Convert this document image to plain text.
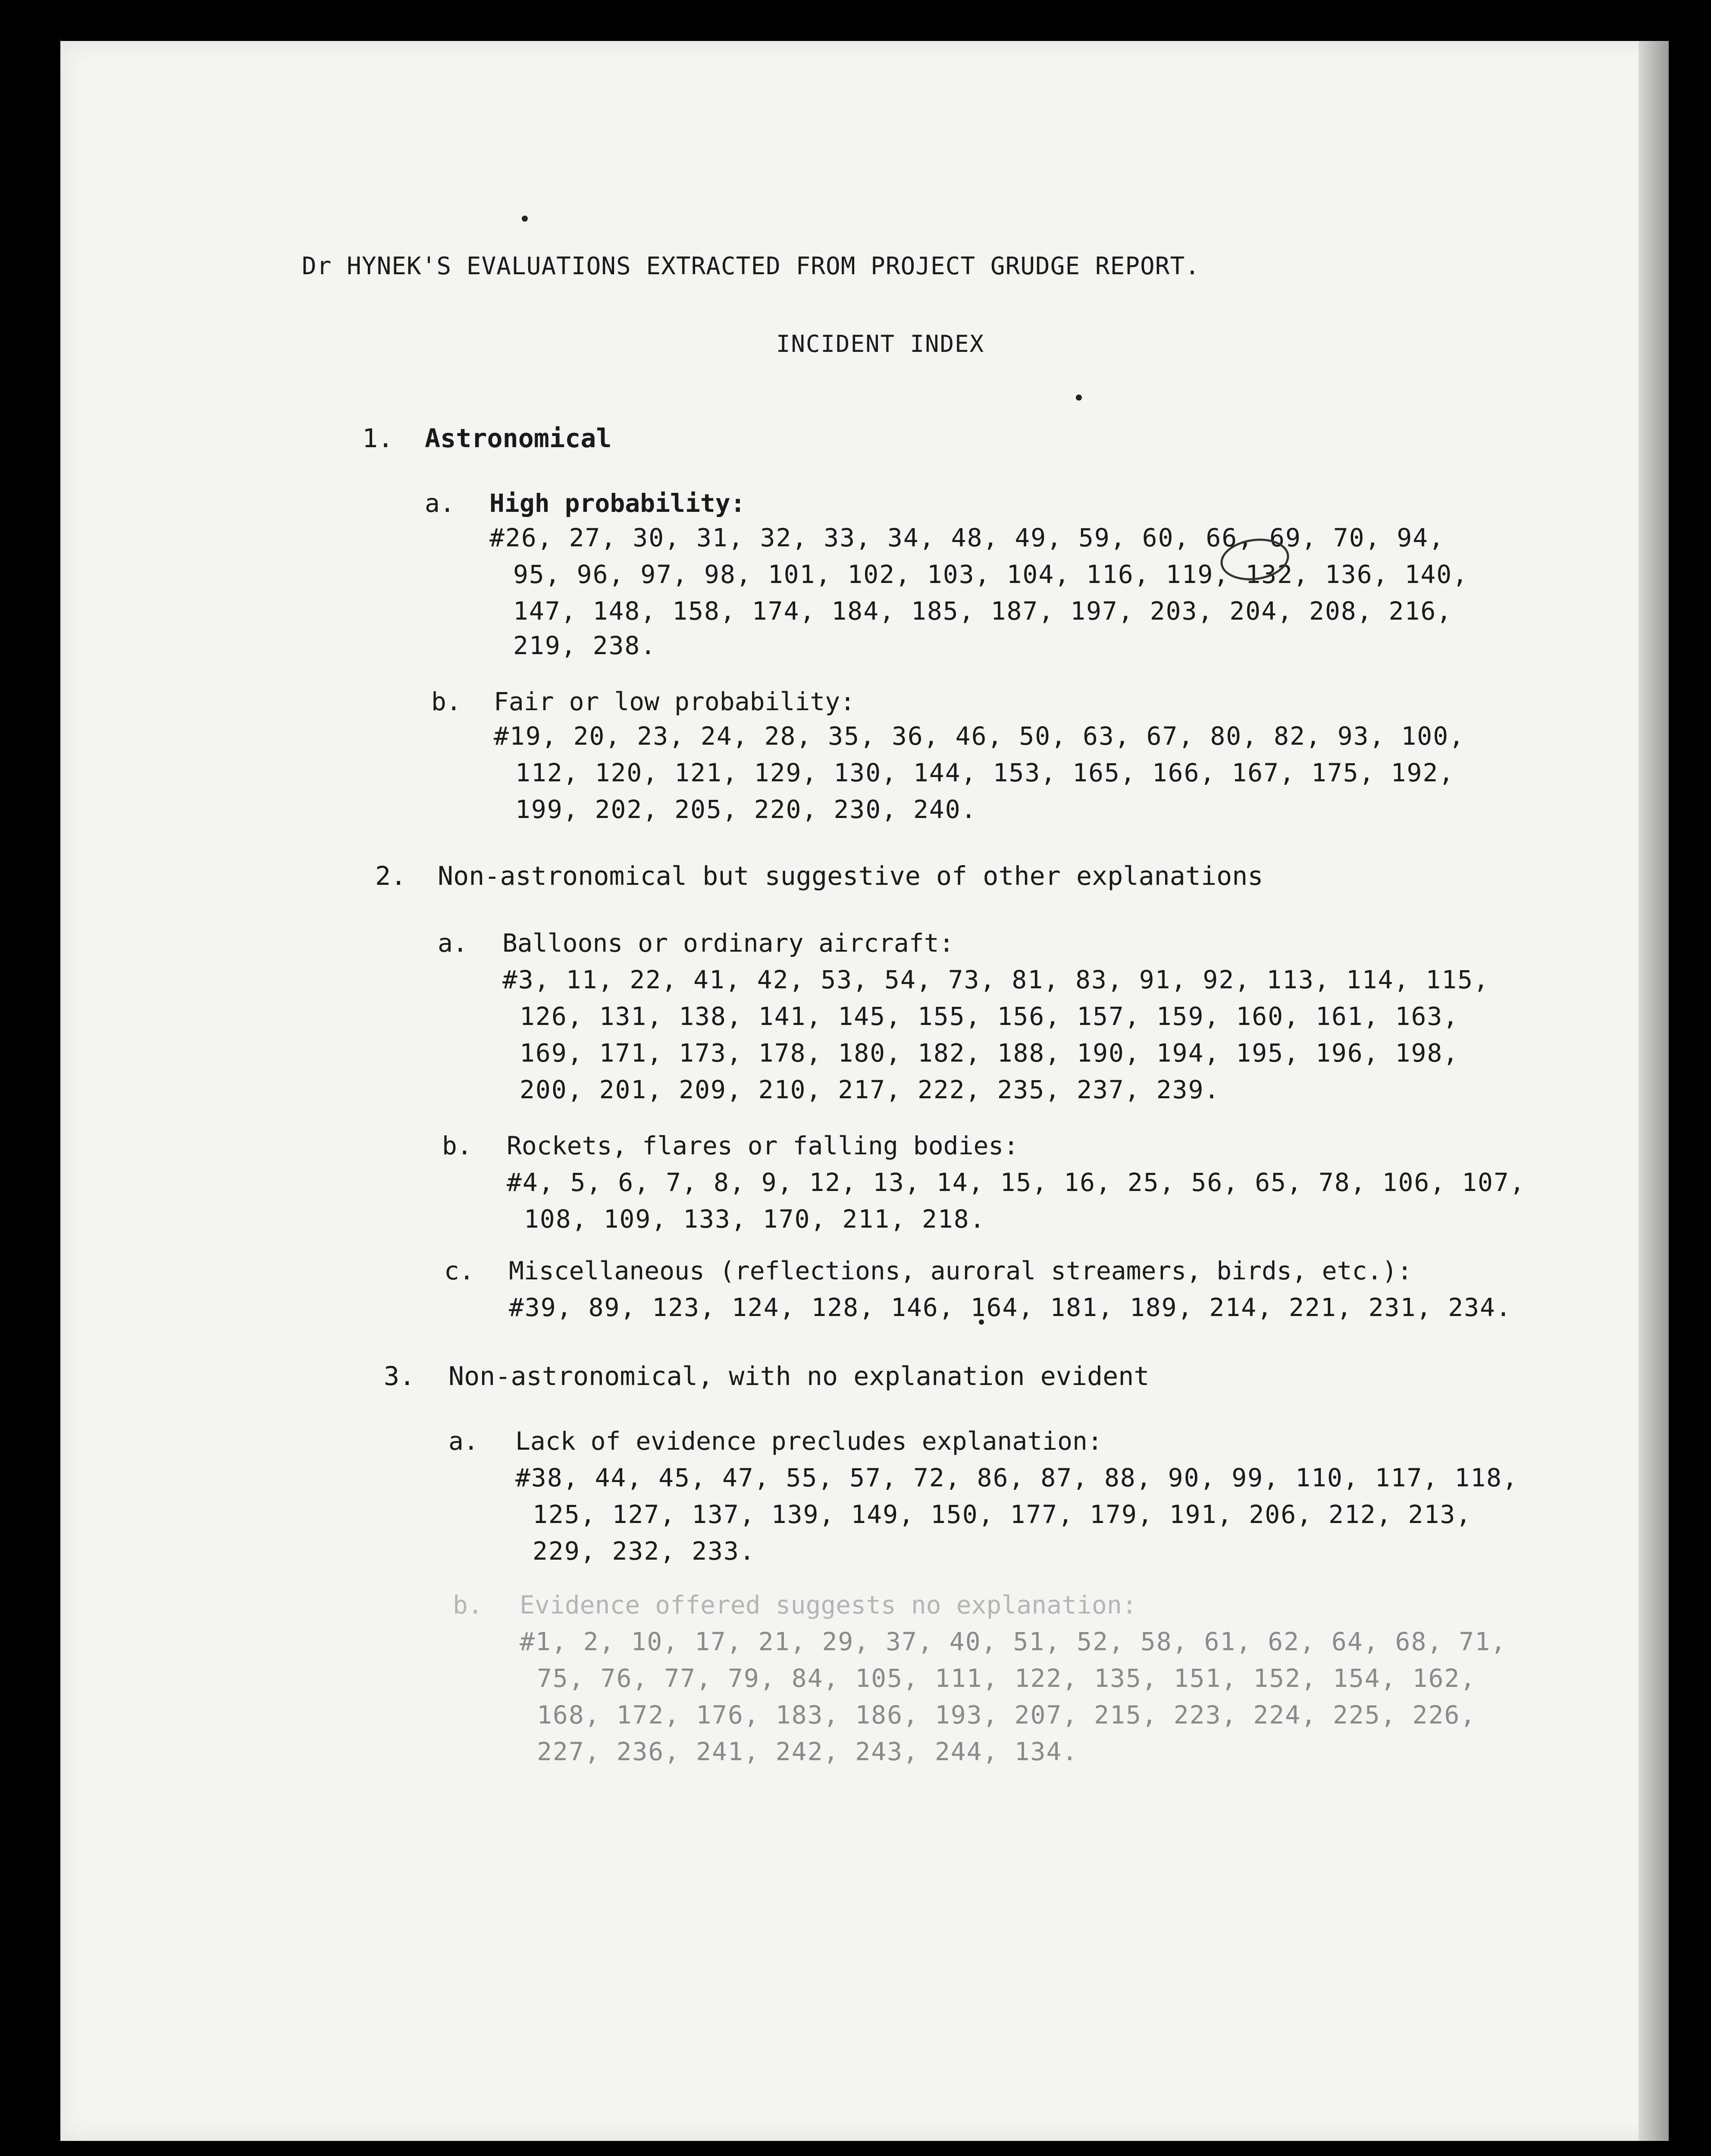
Dr HYNEK'S EVALUATIONS EXTRACTED FROM PROJECT GRUDGE REPORT.
INCIDENT INDEX
1. Astronomical
a. High probability:
#26, 27, 30, 31, 32, 33, 34, 48, 49, 59, 60, 66, 69, 70, 94,
95, 96, 97, 98, 101, 102, 103, 104, 116, 119, 132, 136, 140,
147, 148, 158, 174, 184, 185, 187, 197, 203, 204, 208, 216,
219, 238.
b. Fair or low probability:
#19, 20, 23, 24, 28, 35, 36, 46, 50, 63, 67, 80, 82, 93, 100,
112, 120, 121, 129, 130, 144, 153, 165, 166, 167, 175, 192,
199, 202, 205, 220, 230, 240.
2. Non-astronomical but suggestive of other explanations
a. Balloons or ordinary aircraft:
#3, 11, 22, 41, 42, 53, 54, 73, 81, 83, 91, 92, 113, 114, 115,
126, 131, 138, 141, 145, 155, 156, 157, 159, 160, 161, 163,
169, 171, 173, 178, 180, 182, 188, 190, 194, 195, 196, 198,
200, 201, 209, 210, 217, 222, 235, 237, 239.
b. Rockets, flares or falling bodies:
#4, 5, 6, 7, 8, 9, 12, 13, 14, 15, 16, 25, 56, 65, 78, 106, 107,
108, 109, 133, 170, 211, 218.
c. Miscellaneous (reflections, auroral streamers, birds, etc.):
#39, 89, 123, 124, 128, 146, 164, 181, 189, 214, 221, 231, 234.
3. Non-astronomical, with no explanation evident
a. Lack of evidence precludes explanation:
#38, 44, 45, 47, 55, 57, 72, 86, 87, 88, 90, 99, 110, 117, 118,
125, 127, 137, 139, 149, 150, 177, 179, 191, 206, 212, 213,
229, 232, 233.
b. Evidence offered suggests no explanation:
#1, 2, 10, 17, 21, 29, 37, 40, 51, 52, 58, 61, 62, 64, 68, 71,
75, 76, 77, 79, 84, 105, 111, 122, 135, 151, 152, 154, 162,
168, 172, 176, 183, 186, 193, 207, 215, 223, 224, 225, 226,
227, 236, 241, 242, 243, 244, 134.
